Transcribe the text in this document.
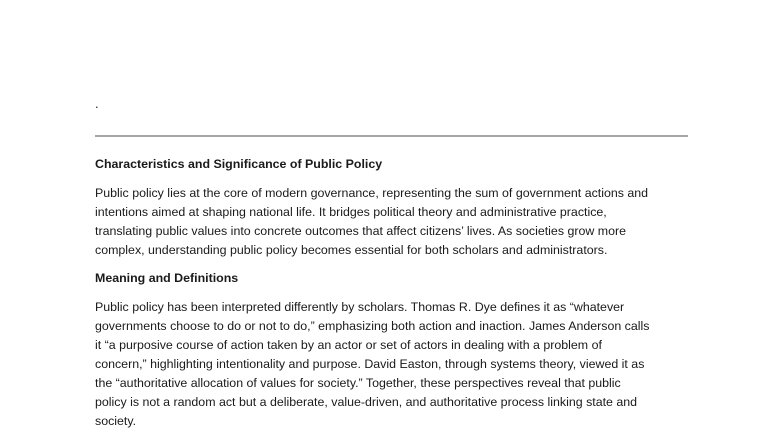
.
Characteristics and Significance of Public Policy
Public policy lies at the core of modern governance, representing the sum of government actions and
intentions aimed at shaping national life. It bridges political theory and administrative practice,
translating public values into concrete outcomes that affect citizens’ lives. As societies grow more
complex, understanding public policy becomes essential for both scholars and administrators.
Meaning and Definitions
Public policy has been interpreted differently by scholars. Thomas R. Dye defines it as “whatever
governments choose to do or not to do,” emphasizing both action and inaction. James Anderson calls
it “a purposive course of action taken by an actor or set of actors in dealing with a problem of
concern,” highlighting intentionality and purpose. David Easton, through systems theory, viewed it as
the “authoritative allocation of values for society.” Together, these perspectives reveal that public
policy is not a random act but a deliberate, value-driven, and authoritative process linking state and
society.
